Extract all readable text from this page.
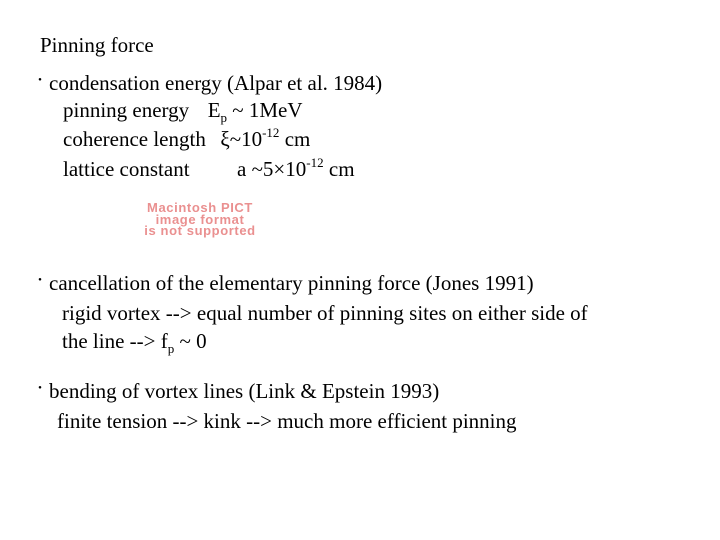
Pinning force
・condensation energy (Alpar et al. 1984)
pinning energy $E_p$ ~ 1MeV
coherence length $\xi\sim 10^{-12}$ cm
lattice constant a $\sim 5\times 10^{-12}$ cm
Macintosh PICT
image format
is not supported
・cancellation of the elementary pinning force (Jones 1991)
rigid vortex --> equal number of pinning sites on either side of
the line --> $f_p$ ~ 0
・bending of vortex lines (Link & Epstein 1993)
finite tension --> kink --> much more efficient pinning
